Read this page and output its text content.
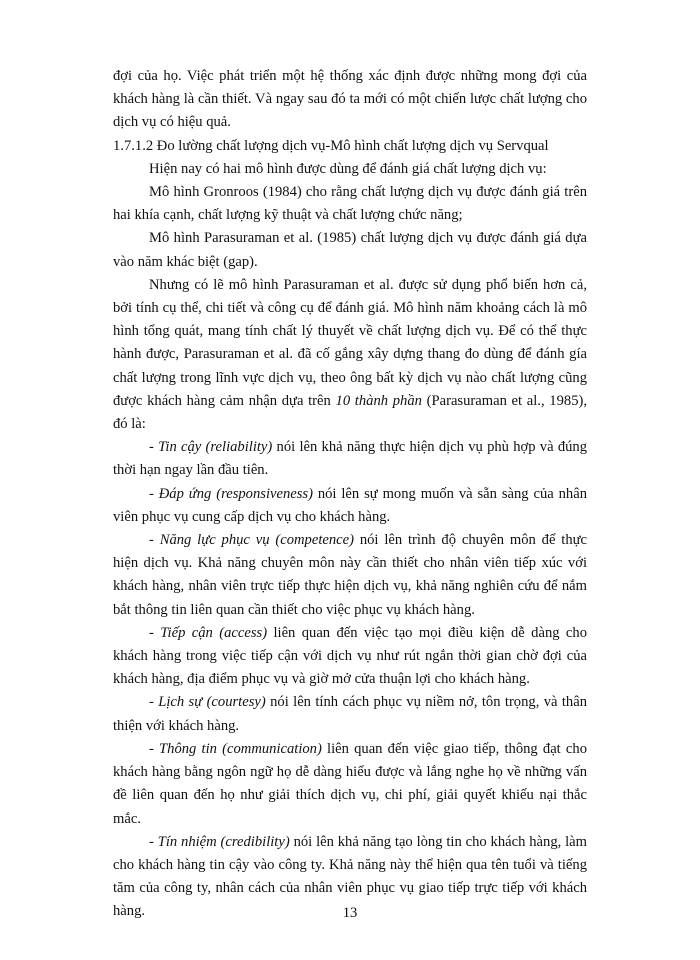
đợi của họ. Việc phát triển một hệ thống xác định được những mong đợi của khách hàng là cần thiết. Và ngay sau đó ta mới có một chiến lược chất lượng cho dịch vụ có hiệu quả.

1.7.1.2 Đo lường chất lượng dịch vụ-Mô hình chất lượng dịch vụ Servqual

Hiện nay có hai mô hình được dùng để đánh giá chất lượng dịch vụ:

Mô hình Gronroos (1984) cho rằng chất lượng dịch vụ được đánh giá trên hai khía cạnh, chất lượng kỹ thuật và chất lượng chức năng;

Mô hình Parasuraman et al. (1985) chất lượng dịch vụ được đánh giá dựa vào năm khác biệt (gap).

Nhưng có lẽ mô hình Parasuraman et al. được sử dụng phổ biến hơn cả, bởi tính cụ thể, chi tiết và công cụ để đánh giá. Mô hình năm khoảng cách là mô hình tổng quát, mang tính chất lý thuyết về chất lượng dịch vụ. Để có thể thực hành được, Parasuraman et al. đã cố gắng xây dựng thang đo dùng để đánh gía chất lượng trong lĩnh vực dịch vụ, theo ông bất kỳ dịch vụ nào chất lượng cũng được khách hàng cảm nhận dựa trên 10 thành phần (Parasuraman et al., 1985), đó là:

- Tin cậy (reliability) nói lên khả năng thực hiện dịch vụ phù hợp và đúng thời hạn ngay lần đầu tiên.

- Đáp ứng (responsiveness) nói lên sự mong muốn và sẵn sàng của nhân viên phục vụ cung cấp dịch vụ cho khách hàng.

- Năng lực phục vụ (competence) nói lên trình độ chuyên môn để thực hiện dịch vụ. Khả năng chuyên môn này cần thiết cho nhân viên tiếp xúc với khách hàng, nhân viên trực tiếp thực hiện dịch vụ, khả năng nghiên cứu để nắm bắt thông tin liên quan cần thiết cho việc phục vụ khách hàng.

- Tiếp cận (access) liên quan đến việc tạo mọi điều kiện dễ dàng cho khách hàng trong việc tiếp cận với dịch vụ như rút ngắn thời gian chờ đợi của khách hàng, địa điểm phục vụ và giờ mở cửa thuận lợi cho khách hàng.

- Lịch sự (courtesy) nói lên tính cách phục vụ niềm nở, tôn trọng, và thân thiện với khách hàng.

- Thông tin (communication) liên quan đến việc giao tiếp, thông đạt cho khách hàng bằng ngôn ngữ họ dễ dàng hiểu được và lắng nghe họ về những vấn đề liên quan đến họ như giải thích dịch vụ, chi phí, giải quyết khiếu nại thắc mắc.

- Tín nhiệm (credibility) nói lên khả năng tạo lòng tin cho khách hàng, làm cho khách hàng tin cậy vào công ty. Khả năng này thể hiện qua tên tuổi và tiếng tăm của công ty, nhân cách của nhân viên phục vụ giao tiếp trực tiếp với khách hàng.	13
